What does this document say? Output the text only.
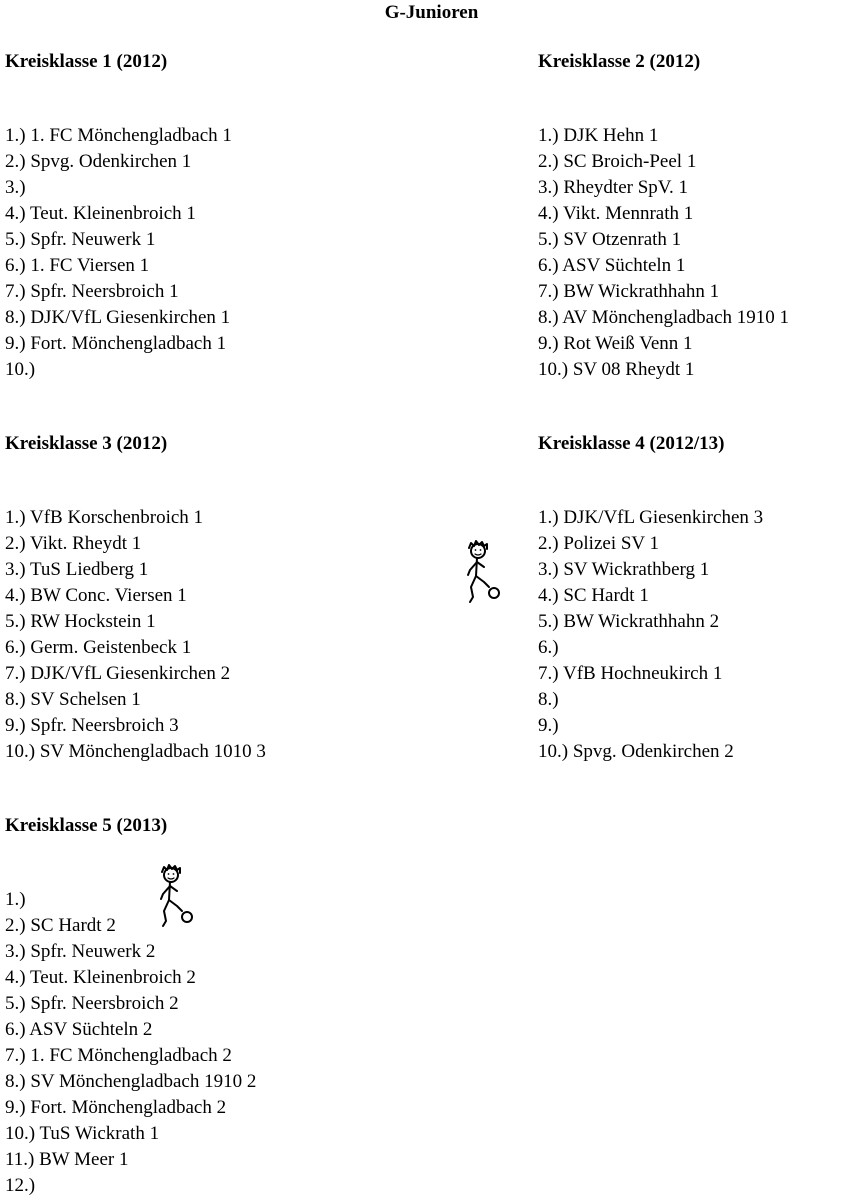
G-Junioren
Kreisklasse 1 (2012)
1.) 1. FC Mönchengladbach 1
2.) Spvg. Odenkirchen 1
3.)
4.) Teut. Kleinenbroich 1
5.) Spfr. Neuwerk 1
6.) 1. FC Viersen 1
7.) Spfr. Neersbroich 1
8.) DJK/VfL Giesenkirchen 1
9.) Fort. Mönchengladbach 1
10.)
Kreisklasse 2 (2012)
1.) DJK Hehn 1
2.) SC Broich-Peel 1
3.) Rheydter SpV. 1
4.) Vikt. Mennrath 1
5.) SV Otzenrath 1
6.) ASV Süchteln 1
7.) BW Wickrathhahn 1
8.) AV Mönchengladbach 1910 1
9.) Rot Weiß Venn 1
10.) SV 08 Rheydt 1
Kreisklasse 3 (2012)
1.) VfB Korschenbroich 1
2.) Vikt. Rheydt 1
3.) TuS Liedberg 1
4.) BW Conc. Viersen 1
5.) RW Hockstein 1
6.) Germ. Geistenbeck 1
7.) DJK/VfL Giesenkirchen 2
8.) SV Schelsen 1
9.) Spfr. Neersbroich 3
10.) SV Mönchengladbach 1010 3
Kreisklasse 4 (2012/13)
1.) DJK/VfL Giesenkirchen 3
2.) Polizei SV 1
3.) SV Wickrathberg 1
4.) SC Hardt 1
5.) BW Wickrathhahn 2
6.)
7.) VfB Hochneukirch 1
8.)
9.)
10.) Spvg. Odenkirchen 2
Kreisklasse 5 (2013)
1.)
2.) SC Hardt 2
3.) Spfr. Neuwerk 2
4.) Teut. Kleinenbroich 2
5.) Spfr. Neersbroich 2
6.) ASV Süchteln 2
7.) 1. FC Mönchengladbach 2
8.) SV Mönchengladbach 1910 2
9.) Fort. Mönchengladbach 2
10.) TuS Wickrath 1
11.) BW Meer 1
12.)
